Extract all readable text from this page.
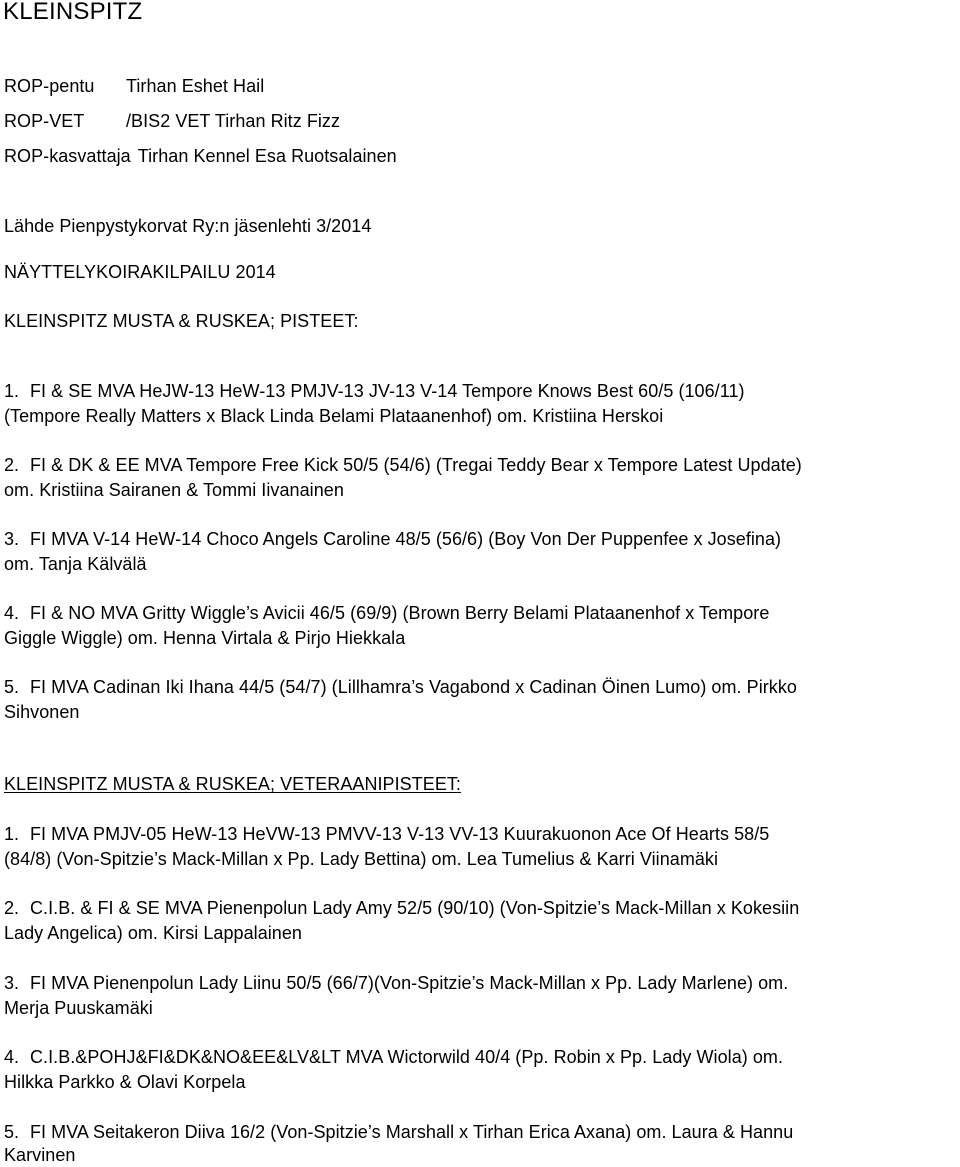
KLEINSPITZ
ROP-pentu Tirhan Eshet Hail
ROP-VET /BIS2 VET Tirhan Ritz Fizz
ROP-kasvattaja Tirhan Kennel Esa Ruotsalainen
Lähde Pienpystykorvat Ry:n jäsenlehti 3/2014
NÄYTTELYKOIRAKILPAILU 2014
KLEINSPITZ MUSTA & RUSKEA; PISTEET:
1. FI & SE MVA HeJW-13 HeW-13 PMJV-13 JV-13 V-14 Tempore Knows Best 60/5 (106/11)
(Tempore Really Matters x Black Linda Belami Plataanenhof) om. Kristiina Herskoi
2. FI & DK & EE MVA Tempore Free Kick 50/5 (54/6) (Tregai Teddy Bear x Tempore Latest Update)
om. Kristiina Sairanen & Tommi Iivanainen
3. FI MVA V-14 HeW-14 Choco Angels Caroline 48/5 (56/6) (Boy Von Der Puppenfee x Josefina)
om. Tanja Kälvälä
4. FI & NO MVA Gritty Wiggle’s Avicii 46/5 (69/9) (Brown Berry Belami Plataanenhof x Tempore
Giggle Wiggle) om. Henna Virtala & Pirjo Hiekkala
5. FI MVA Cadinan Iki Ihana 44/5 (54/7) (Lillhamra’s Vagabond x Cadinan Öinen Lumo) om. Pirkko
Sihvonen
KLEINSPITZ MUSTA & RUSKEA; VETERAANIPISTEET:
1. FI MVA PMJV-05 HeW-13 HeVW-13 PMVV-13 V-13 VV-13 Kuurakuonon Ace Of Hearts 58/5
(84/8) (Von-Spitzie’s Mack-Millan x Pp. Lady Bettina) om. Lea Tumelius & Karri Viinamäki
2. C.I.B. & FI & SE MVA Pienenpolun Lady Amy 52/5 (90/10) (Von-Spitzie’s Mack-Millan x Kokesiin
Lady Angelica) om. Kirsi Lappalainen
3. FI MVA Pienenpolun Lady Liinu 50/5 (66/7)(Von-Spitzie’s Mack-Millan x Pp. Lady Marlene) om.
Merja Puuskamäki
4. C.I.B.&POHJ&FI&DK&NO&EE&LV&LT MVA Wictorwild 40/4 (Pp. Robin x Pp. Lady Wiola) om.
Hilkka Parkko & Olavi Korpela
5. FI MVA Seitakeron Diiva 16/2 (Von-Spitzie’s Marshall x Tirhan Erica Axana) om. Laura & Hannu
Karvinen
